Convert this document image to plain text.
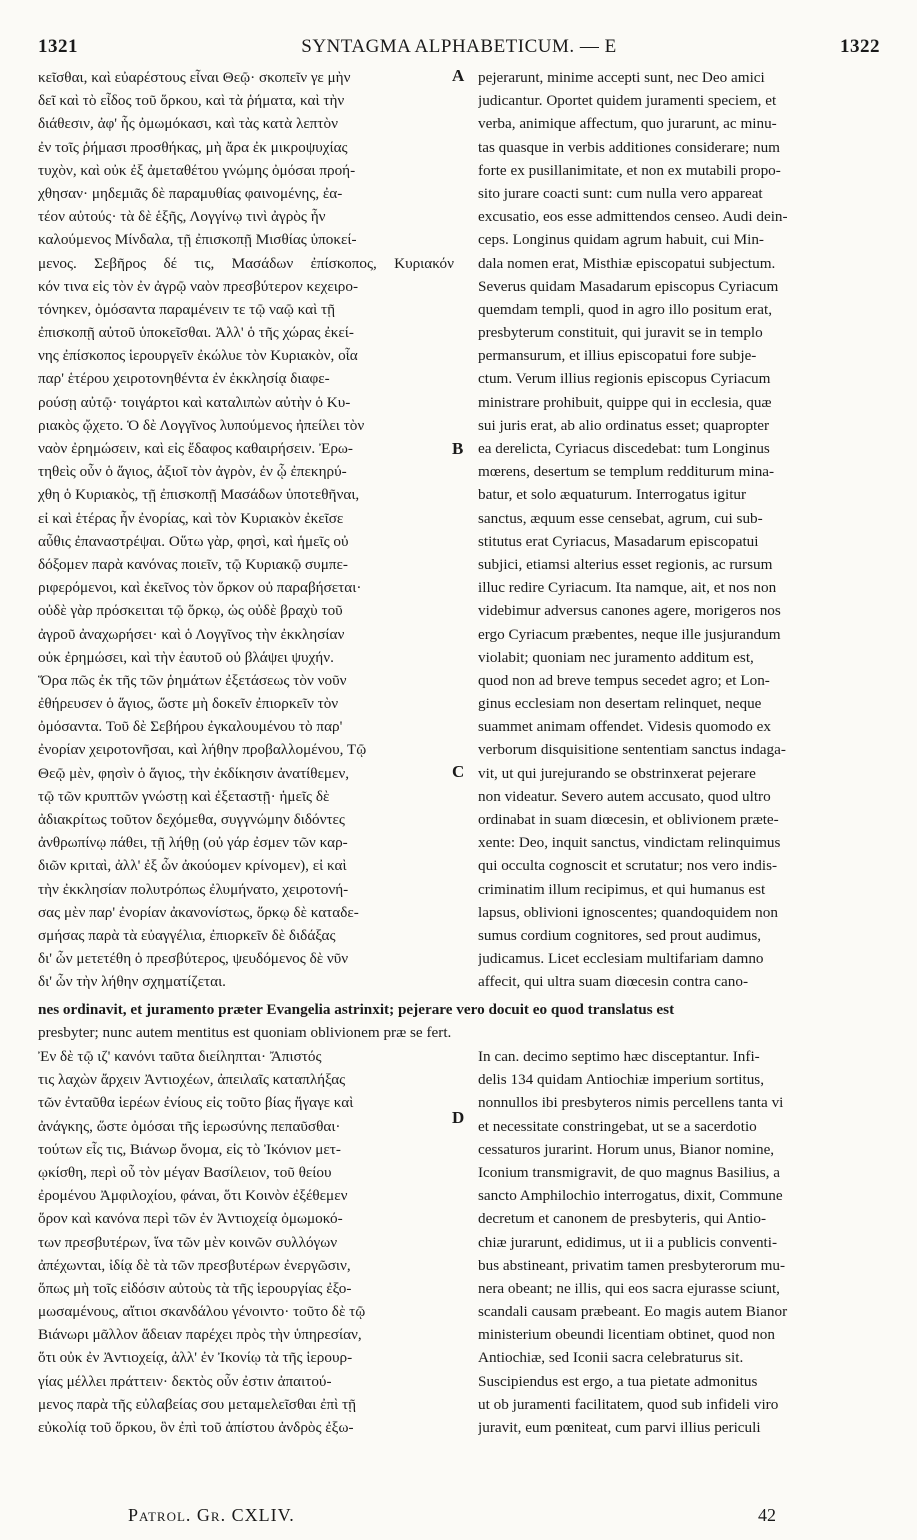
1321	SYNTAGMA ALPHABETICUM. — E	1322
κεῖσθαι, καὶ εὐαρέστους εἶναι Θεῷ· σκοπεῖν γε μὴν
δεῖ καὶ τὸ εἶδος τοῦ ὅρκου, καὶ τὰ ῥήματα, καὶ τὴν
διάθεσιν, ἀφ' ἧς ὀμωμόκασι, καὶ τὰς κατὰ λεπτὸν
ἐν τοῖς ῥήμασι προσθήκας, μὴ ἄρα ἐκ μικροψυχίας
τυχὸν, καὶ οὐκ ἐξ ἀμεταθέτου γνώμης ὀμόσαι προή-
χθησαν· μηδεμιᾶς δὲ παραμυθίας φαινομένης, ἐα-
τέον αὐτούς· τὰ δὲ ἑξῆς, Λογγίνῳ τινὶ ἀγρὸς ἦν
καλούμενος Μίνδαλα, τῇ ἐπισκοπῇ Μισθίας ὑποκεί-
μενος. Σεβῆρος δέ τις, Μασάδων ἐπίσκοπος, Κυριακόν
κόν τινα εἰς τὸν ἐν ἀγρῷ ναὸν πρεσβύτερον κεχειρο-
τόνηκεν, ὀμόσαντα παραμένειν τε τῷ ναῷ καὶ τῇ
ἐπισκοπῇ αὐτοῦ ὑποκεῖσθαι. Ἀλλ' ὁ τῆς χώρας ἐκεί-
νης ἐπίσκοπος ἱερουργεῖν ἐκώλυε τὸν Κυριακὸν, οἷα
παρ' ἑτέρου χειροτονηθέντα ἐν ἐκκλησίᾳ διαφε-
ρούσῃ αὐτῷ· τοιγάρτοι καὶ καταλιπὼν αὐτὴν ὁ Κυ-
ριακὸς ᾤχετο. Ὁ δὲ Λογγῖνος λυπούμενος ἠπείλει τὸν
ναὸν ἐρημώσειν, καὶ εἰς ἔδαφος καθαιρήσειν. Ἐρω-
τηθεὶς οὖν ὁ ἅγιος, ἀξιοῖ τὸν ἀγρὸν, ἐν ᾧ ἐπεκηρύ-
χθη ὁ Κυριακὸς, τῇ ἐπισκοπῇ Μασάδων ὑποτεθῆναι,
εἰ καὶ ἑτέρας ἦν ἐνορίας, καὶ τὸν Κυριακὸν ἐκεῖσε
αὖθις ἐπαναστρέψαι. Οὕτω γὰρ, φησὶ, καὶ ἡμεῖς οὐ
δόξομεν παρὰ κανόνας ποιεῖν, τῷ Κυριακῷ συμπε-
ριφερόμενοι, καὶ ἐκεῖνος τὸν ὅρκον οὐ παραβήσεται·
οὐδὲ γὰρ πρόσκειται τῷ ὅρκῳ, ὡς οὐδὲ βραχὺ τοῦ
ἀγροῦ ἀναχωρήσει· καὶ ὁ Λογγῖνος τὴν ἐκκλησίαν
οὐκ ἐρημώσει, καὶ τὴν ἑαυτοῦ οὐ βλάψει ψυχήν.
Ὅρα πῶς ἐκ τῆς τῶν ῥημάτων ἐξετάσεως τὸν νοῦν
ἐθήρευσεν ὁ ἅγιος, ὥστε μὴ δοκεῖν ἐπιορκεῖν τὸν
ὀμόσαντα. Τοῦ δὲ Σεβήρου ἐγκαλουμένου τὸ παρ'
ἐνορίαν χειροτονῆσαι, καὶ λήθην προβαλλομένου, Τῷ
Θεῷ μὲν, φησὶν ὁ ἅγιος, τὴν ἐκδίκησιν ἀνατίθεμεν,
τῷ τῶν κρυπτῶν γνώστῃ καὶ ἐξεταστῇ· ἡμεῖς δὲ
ἀδιακρίτως τοῦτον δεχόμεθα, συγγνώμην διδόντες
ἀνθρωπίνῳ πάθει, τῇ λήθῃ (οὐ γάρ ἐσμεν τῶν καρ-
διῶν κριταὶ, ἀλλ' ἐξ ὧν ἀκούομεν κρίνομεν), εἰ καὶ
τὴν ἐκκλησίαν πολυτρόπως ἐλυμήνατο, χειροτονή-
σας μὲν παρ' ἐνορίαν ἀκανονίστως, ὅρκῳ δὲ καταδε-
σμήσας παρὰ τὰ εὐαγγέλια, ἐπιορκεῖν δὲ διδάξας
δι' ὧν μετετέθη ὁ πρεσβύτερος, ψευδόμενος δὲ νῦν
δι' ὧν τὴν λήθην σχηματίζεται.
pejerarunt, minime accepti sunt, nec Deo amici
judicantur. Oportet quidem juramenti speciem, et
verba, animique affectum, quo jurarunt, ac minu-
tas quasque in verbis additiones considerare; num
forte ex pusillanimitate, et non ex mutabili propo-
sito jurare coacti sunt: cum nulla vero appareat
excusatio, eos esse admittendos censeo. Audi dein-
ceps. Longinus quidam agrum habuit, cui Min-
dala nomen erat, Misthiæ episcopatui subjectum.
Severus quidam Masadarum episcopus Cyriacum
quemdam templi, quod in agro illo positum erat,
presbyterum constituit, qui juravit se in templo
permansurum, et illius episcopatui fore subje-
ctum. Verum illius regionis episcopus Cyriacum
ministrare prohibuit, quippe qui in ecclesia, quæ
sui juris erat, ab alio ordinatus esset; quapropter
ea derelicta, Cyriacus discedebat: tum Longinus
mœrens, desertum se templum redditurum mina-
batur, et solo æquaturum. Interrogatus igitur
sanctus, æquum esse censebat, agrum, cui sub-
stitutus erat Cyriacus, Masadarum episcopatui
subjici, etiamsi alterius esset regionis, ac rursum
illuc redire Cyriacum. Ita namque, ait, et nos non
videbimur adversus canones agere, morigeros nos
ergo Cyriacum præbentes, neque ille jusjurandum
violabit; quoniam nec juramento additum est,
quod non ad breve tempus secedet agro; et Lon-
ginus ecclesiam non desertam relinquet, neque
suammet animam offendet. Videsis quomodo ex
verborum disquisitione sententiam sanctus indaga-
vit, ut qui jurejurando se obstrinxerat pejerare
non videatur. Severo autem accusato, quod ultro
ordinabat in suam diœcesin, et oblivionem præte-
xente: Deo, inquit sanctus, vindictam relinquimus
qui occulta cognoscit et scrutatur; nos vero indis-
criminatim illum recipimus, et qui humanus est
lapsus, oblivioni ignoscentes; quandoquidem non
sumus cordium cognitores, sed prout audimus,
judicamus. Licet ecclesiam multifariam damno
affecit, qui ultra suam diœcesin contra cano-
A
B
C
D
nes ordinavit, et juramento præter Evangelia astrinxit; pejerare vero docuit eo quod translatus est
presbyter; nunc autem mentitus est quoniam oblivionem præ se fert.
Ἐν δὲ τῷ ιζ' κανόνι ταῦτα διείληπται· Ἄπιστός
τις λαχὼν ἄρχειν Ἀντιοχέων, ἀπειλαῖς καταπλήξας
τῶν ἐνταῦθα ἱερέων ἐνίους εἰς τοῦτο βίας ἤγαγε καὶ
ἀνάγκης, ὥστε ὀμόσαι τῆς ἱερωσύνης πεπαῦσθαι·
τούτων εἷς τις, Βιάνωρ ὄνομα, εἰς τὸ Ἰκόνιον μετ-
ῳκίσθη, περὶ οὗ τὸν μέγαν Βασίλειον, τοῦ θείου
ἐρομένου Ἀμφιλοχίου, φάναι, ὅτι Κοινὸν ἐξέθεμεν
ὅρον καὶ κανόνα περὶ τῶν ἐν Ἀντιοχείᾳ ὀμωμοκό-
των πρεσβυτέρων, ἵνα τῶν μὲν κοινῶν συλλόγων
ἀπέχωνται, ἰδίᾳ δὲ τὰ τῶν πρεσβυτέρων ἐνεργῶσιν,
ὅπως μὴ τοῖς εἰδόσιν αὐτοὺς τὰ τῆς ἱερουργίας ἐξο-
μωσαμένους, αἴτιοι σκανδάλου γένοιντο· τοῦτο δὲ τῷ
Βιάνωρι μᾶλλον ἄδειαν παρέχει πρὸς τὴν ὑπηρεσίαν,
ὅτι οὐκ ἐν Ἀντιοχείᾳ, ἀλλ' ἐν Ἰκονίῳ τὰ τῆς ἱερουρ-
γίας μέλλει πράττειν· δεκτὸς οὖν ἐστιν ἀπαιτού-
μενος παρὰ τῆς εὐλαβείας σου μεταμελεῖσθαι ἐπὶ τῇ
εὐκολίᾳ τοῦ ὅρκου, ὃν ἐπὶ τοῦ ἀπίστου ἀνδρὸς ἐξω-
In can. decimo septimo hæc disceptantur. Infi-
delis 134 quidam Antiochiæ imperium sortitus,
nonnullos ibi presbyteros nimis percellens tanta vi
et necessitate constringebat, ut se a sacerdotio
cessaturos jurarint. Horum unus, Bianor nomine,
Iconium transmigravit, de quo magnus Basilius, a
sancto Amphilochio interrogatus, dixit, Commune
decretum et canonem de presbyteris, qui Antio-
chiæ jurarunt, edidimus, ut ii a publicis conventi-
bus abstineant, privatim tamen presbyterorum mu-
nera obeant; ne illis, qui eos sacra ejurasse sciunt,
scandali causam præbeant. Eo magis autem Bianor
ministerium obeundi licentiam obtinet, quod non
Antiochiæ, sed Iconii sacra celebraturus sit.
Suscipiendus est ergo, a tua pietate admonitus
ut ob juramenti facilitatem, quod sub infideli viro
juravit, eum pœniteat, cum parvi illius periculi
Patrol. Gr. CXLIV.	42
